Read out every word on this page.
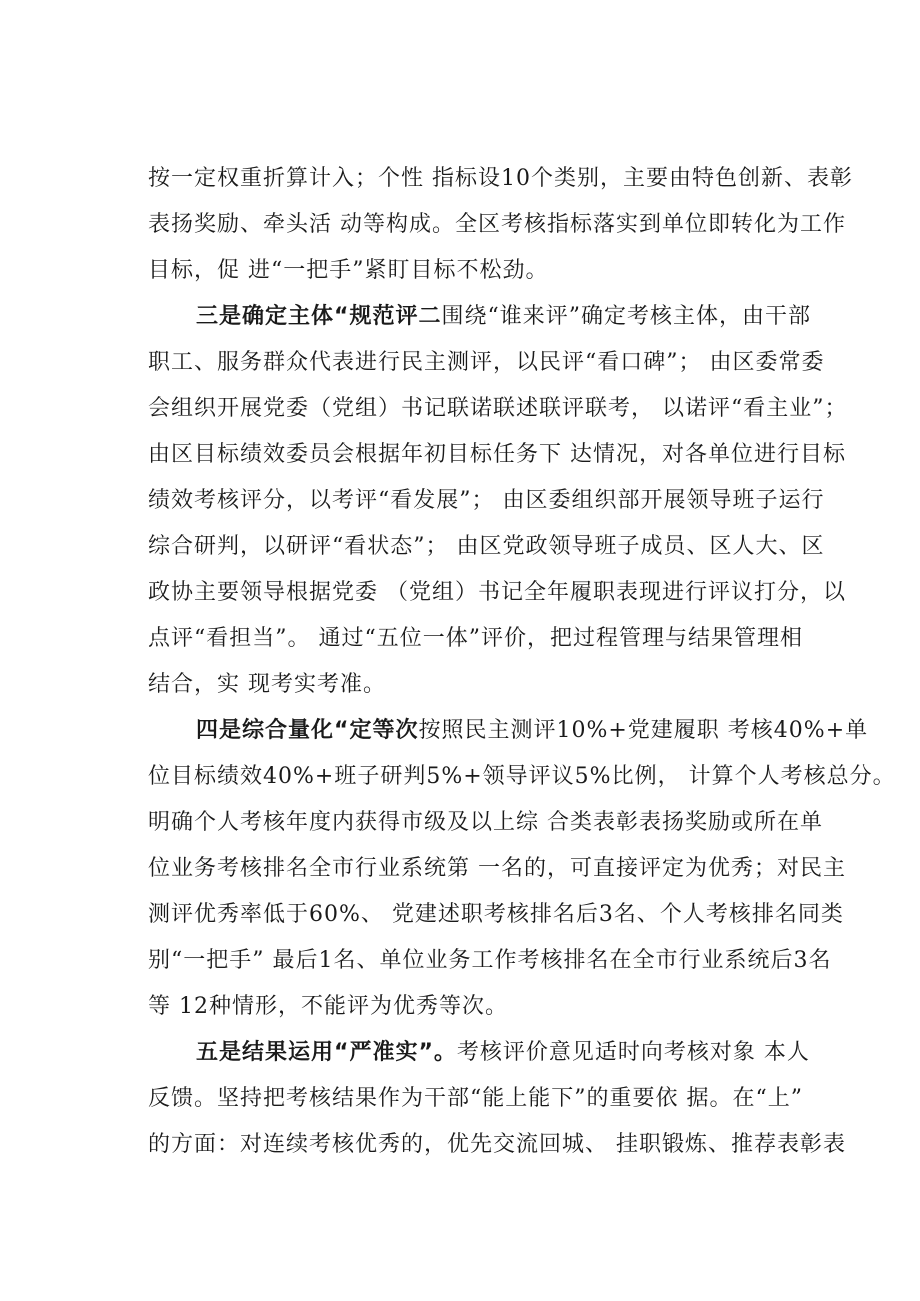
按一定权重折算计入；个性 指标设10个类别，主要由特色创新、表彰
表扬奖励、牵头活 动等构成。全区考核指标落实到单位即转化为工作
目标，促 进“一把手”紧盯目标不松劲。
三是确定主体“规范评二围绕“谁来评”确定考核主体，由干部
职工、服务群众代表进行民主测评，以民评“看口碑”； 由区委常委
会组织开展党委（党组）书记联诺联述联评联考， 以诺评“看主业”；
由区目标绩效委员会根据年初目标任务下 达情况，对各单位进行目标
绩效考核评分，以考评“看发展”； 由区委组织部开展领导班子运行
综合研判，以研评“看状态”； 由区党政领导班子成员、区人大、区
政协主要领导根据党委 （党组）书记全年履职表现进行评议打分，以
点评“看担当”。 通过“五位一体”评价，把过程管理与结果管理相
结合，实 现考实考准。
四是综合量化“定等次按照民主测评10%+党建履职 考核40%+单
位目标绩效40%+班子研判5%+领导评议5%比例， 计算个人考核总分。
明确个人考核年度内获得市级及以上综 合类表彰表扬奖励或所在单
位业务考核排名全市行业系统第 一名的，可直接评定为优秀；对民主
测评优秀率低于60%、 党建述职考核排名后3名、个人考核排名同类
别“一把手” 最后1名、单位业务工作考核排名在全市行业系统后3名
等 12种情形，不能评为优秀等次。
五是结果运用“严准实”。考核评价意见适时向考核对象 本人
反馈。坚持把考核结果作为干部“能上能下”的重要依 据。在“上”
的方面：对连续考核优秀的，优先交流回城、 挂职锻炼、推荐表彰表
